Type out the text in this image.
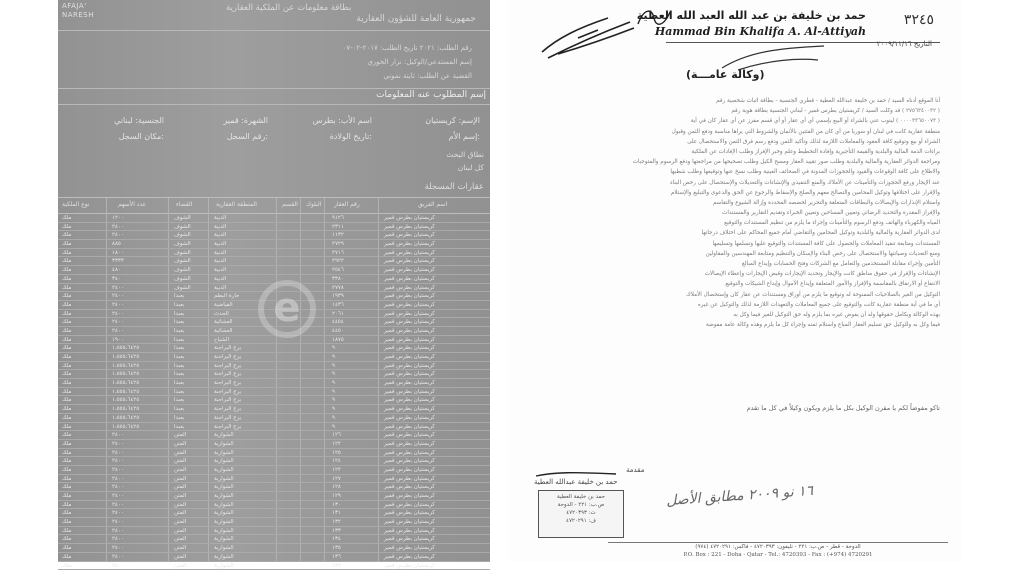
AFAJA'
NARESH
بطاقة معلومات عن الملكية العقارية
جمهورية العامة للشؤون العقارية
رقم الطلب: ٢٠٢١ تاريخ الطلب: ٢٠١٧-٠٢-٠٧
إسم المستدعي/الوكيل: نزار الخوري
القضية عن الطلب: ثابتة نموني
إسم المطلوب عنه المعلومات
الإسم: كريستيان
اسم الأب: بطرس
الشهرة: قمير
الجنسية: لبناني
إسم الأم:
تاريخ الولادة:
رقم السجل:
مكان السجل:
نطاق البحث
كل لبنان
عقارات المسجلة
نوع الملكية	عدد الأسهم	القضاء	المنطقة العقارية	القسم البلوك رقم العقار	اسم الفريق
ملك	١٢٠٠	الشوف	الدبية	٩١٢٦	كريستيان بطرس قمير
ملك	٢٤٠٠	الشوف	الدبية	٢٣١١	كريستيان بطرس قمير
ملك	٢٤٠٠	الشوف	الدبية	١١٣٢	كريستيان بطرس قمير
ملك	٨٨٥	الشوف	الدبية	٢٧٢٩	كريستيان بطرس قمير
ملك	١٨٠٠	الشوف	الدبية	٢٧١٦	كريستيان بطرس قمير
ملك	٣٣٣٣	الشوف	الدبية	٢٩٢٢	كريستيان بطرس قمير
ملك	٤٨٠	الشوف	الدبية	٢٥٤٦	كريستيان بطرس قمير
ملك	٣٤٠	الشوف	الدبية	٣٣٨٠	كريستيان بطرس قمير
ملك	٢٤٠٠	الشوف	الدبية	٢٧٧٨	كريستيان بطرس قمير
ملك	٢٤٠٠	بعبدا	حارة البطم	١٩٣٩	كريستيان بطرس قمير
ملك	٢٤٠٠	بعبدا	الفياضية	١٤٣٦	كريستيان بطرس قمير
ملك	٢٤٠٠	بعبدا	الحدث	٢٠٦١	كريستيان بطرس قمير
ملك	٢٤٠٠	بعبدا	العشائية	٤٤٥٤	كريستيان بطرس قمير
ملك	٢٤٠٠	بعبدا	العشائية	٤٤٥٠	كريستيان بطرس قمير
ملك	١٩٠٠	بعبدا	الشياح	١٨٧٥	كريستيان بطرس قمير
ملك	١،٥٥٥،٦٤٢٥	بعبدا	برج البراجنة	٩	كريستيان بطرس قمير
ملك	١،٥٥٥،٦٤٢٥	بعبدا	برج البراجنة	٩	كريستيان بطرس قمير
ملك	١،٥٥٥،٦٤٢٥	بعبدا	برج البراجنة	٩	كريستيان بطرس قمير
ملك	١،٥٥٥،٦٤٢٥	بعبدا	برج البراجنة	٩	كريستيان بطرس قمير
ملك	١،٥٥٥،٦٤٢٥	بعبدا	برج البراجنة	٩	كريستيان بطرس قمير
ملك	١،٥٥٥،٦٤٢٥	بعبدا	برج البراجنة	٩	كريستيان بطرس قمير
ملك	١،٥٥٥،٦٤٢٥	بعبدا	برج البراجنة	٩	كريستيان بطرس قمير
ملك	١،٥٥٥،٦٤٢٥	بعبدا	برج البراجنة	٩	كريستيان بطرس قمير
ملك	١،٥٥٥،٦٤٢٥	بعبدا	برج البراجنة	٩	كريستيان بطرس قمير
ملك	١،٥٥٥،٦٤٢٥	بعبدا	برج البراجنة	٩	كريستيان بطرس قمير
ملك	٢٤٠٠	المتن	الشوارية	١٢٦	كريستيان بطرس قمير
ملك	٢٤٠٠	المتن	الشوارية	١٢٢	كريستيان بطرس قمير
ملك	٢٤٠٠	المتن	الشوارية	١٢٥	كريستيان بطرس قمير
ملك	٢٤٠٠	المتن	الشوارية	١٢٤	كريستيان بطرس قمير
ملك	٢٤٠٠	المتن	الشوارية	١٢٢	كريستيان بطرس قمير
ملك	٢٤٠٠	المتن	الشوارية	١٢٧	كريستيان بطرس قمير
ملك	٢٤٠٠	المتن	الشوارية	١٢٨	كريستيان بطرس قمير
ملك	٢٤٠٠	المتن	الشوارية	١٢٩	كريستيان بطرس قمير
ملك	٢٤٠٠	المتن	الشوارية	١٣٠	كريستيان بطرس قمير
ملك	٢٤٠٠	المتن	الشوارية	١٣١	كريستيان بطرس قمير
ملك	٢٤٠٠	المتن	الشوارية	١٣٢	كريستيان بطرس قمير
ملك	٢٤٠٠	المتن	الشوارية	١٣٣	كريستيان بطرس قمير
ملك	٢٤٠٠	المتن	الشوارية	١٣٤	كريستيان بطرس قمير
ملك	٢٤٠٠	المتن	الشوارية	١٣٥	كريستيان بطرس قمير
ملك	٢٤٠٠	المتن	الشوارية	١٣٦	كريستيان بطرس قمير
ملك	٢٤٠٠	المتن	الشوارية	١٣٧	كريستيان بطرس قمير
e
حمد بن خليفة بن عبد الله العبد الله العطية
Hammad Bin Khalifa A. Al-Attiyah
٣٢٤٥
التاريخ ٢٠٠٩/١١/١٦
(وكالة عامـــة)
أنا الموقع أدناه السيد / حمد بن خليفة عبدالله العطية - قطري الجنسية - بطاقة اثبات شخصية رقم
( ٢٧٥٦٣٤٠٠٣٢ ) قد وكلت السيد / كريستيان بطرس قمير - لبناني الجنسية بطاقة هوية رقم
( ٠٠٠٠٣٣٦٥٠٠٧٣ ) لينوب عني بالشراء أو البيع بإسمي أي أي عقار أو أي قسم مفرز عن أي عقار كان في أية
منطقة عقارية كانت في لبنان أو سوريا من أي كان من الفئتين بالأثمان والشروط التي يراها مناسبة ودفع الثمن وقبول
الشراء أو بيع وتوقيع كافة العقود والمعاملات اللازمة لذلك وتأكيد الثمن ودفع رسم فرق الثمن والاستحصال على
براءات الذمة المالية والبلدية والقيمة التأجيرية وإفادة التخطيط وعلم وخبر الإفراز وطلب الإفادات عن الملكية
ومراجعة الدوائر العقارية والمالية والبلدية وطلب صور تقييد العقار ومسح الكيل وطلب تصحيحها من مراجعتها ودفع الرسوم والمتوجبات
والاطلاع على كافة الوقوعات والقيود والحجوزات المدونة في الصحائف العينية وطلب نسخ عنها وتوقيعها وطلب شطبها
عند الإيجار ورفع الحجوزات والتأمينات عن الأملاك والمنع التنفيذي والإنشاءات والتعديلات والإستحصال على رخص البناء
والإقرار على اختلافها وتوكيل المحامين والتصالح معهم والصلح والإسقاط والرجوع عن الحق والدعوى والتبليغ والإستلام
واستلام الإنذارات والإيصالات والبطاقات المتعلقة والتحرير لحصصه المحددة وإزالة الشيوع والتقاسم
والإفراز المقدرة والتحديد الرضائي وتعيين المساحين وتعيين الخبراء وتقديم التقارير والمستندات
المياه والكهرباء والهاتف ودفع الرسوم والتأمينات وإجراء ما يلزم من تنظيم المستندات والتوقيع
لدى الدوائر العقارية والمالية والبلدية وتوكيل المحامين والتقاضي أمام جميع المحاكم على اختلاف درجاتها
المستندات ومتابعة تنفيذ المعاملات والحصول على كافة المستندات والتوقيع عليها وتسلمها وتسليمها
ومنع التعديات وصيانتها والاستحصال على رخص البناء والإسكان والتنظيم ومتابعة المهندسين والمقاولين
التأمين وإجراء مقابلة المستخدمين والتعامل مع الشركات وفتح الحسابات وإيداع المبالغ
الإنشاءات والإفراز في حقوق مناطق كانت والإيجار وتحديد الإيجارات وقبض الإيجارات وإعطاء الإيصالات
الانتفاع أو الارتفاق بالمقاسمة والإفراز والأمور المتعلقة وإيداع الأموال وإيداع الشيكات والتوقيع
التوكيل من الغير بالصلاحيات الممنوحة له وتوقيع ما يلزم من أوراق ومستندات عن عقار كان وإستحصال الأملاك
أي ما في أية منطقة عقارية كانت والتوقيع على جميع المعاملات والتعهدات اللازمة لذلك والتوكيل عن غيره
بهذه الوكالة وبكامل حقوقها وله أن يفوض غيره بما يلزم وله حق التوكيل للغير فيما وكل به
فيما وكل به وللوكيل حق تسليم العقار المباع واستلام ثمنه وإجراء كل ما يلزم وهذه وكالة عامة مفوضة
تاكو مفوضاً لكم يا مقرن الوكيل بكل ما يلزم ويكون وكيلاً في كل ما تقدم
مقدمة
حمد بن خليفة عبدالله العطية
حمد بن خليفة العطية
ص.ب: ٢٢١ - الدوحة
ت: ٤٧٢٠٣٩٣
ف: ٤٧٢٠٢٩١
١٦ نو ٢٠٠٩ مطابق الأصل
الدوحة - قطر - ص.ب: ٢٢١ - تليفون: ٤٧٢٠٣٩٣ - فاكس: ٤٧٢٠٢٩١ (٩٧٤)
P.O. Box : 221 - Doha - Qatar - Tel.: 4720393 - Fax : (+974) 4720291
